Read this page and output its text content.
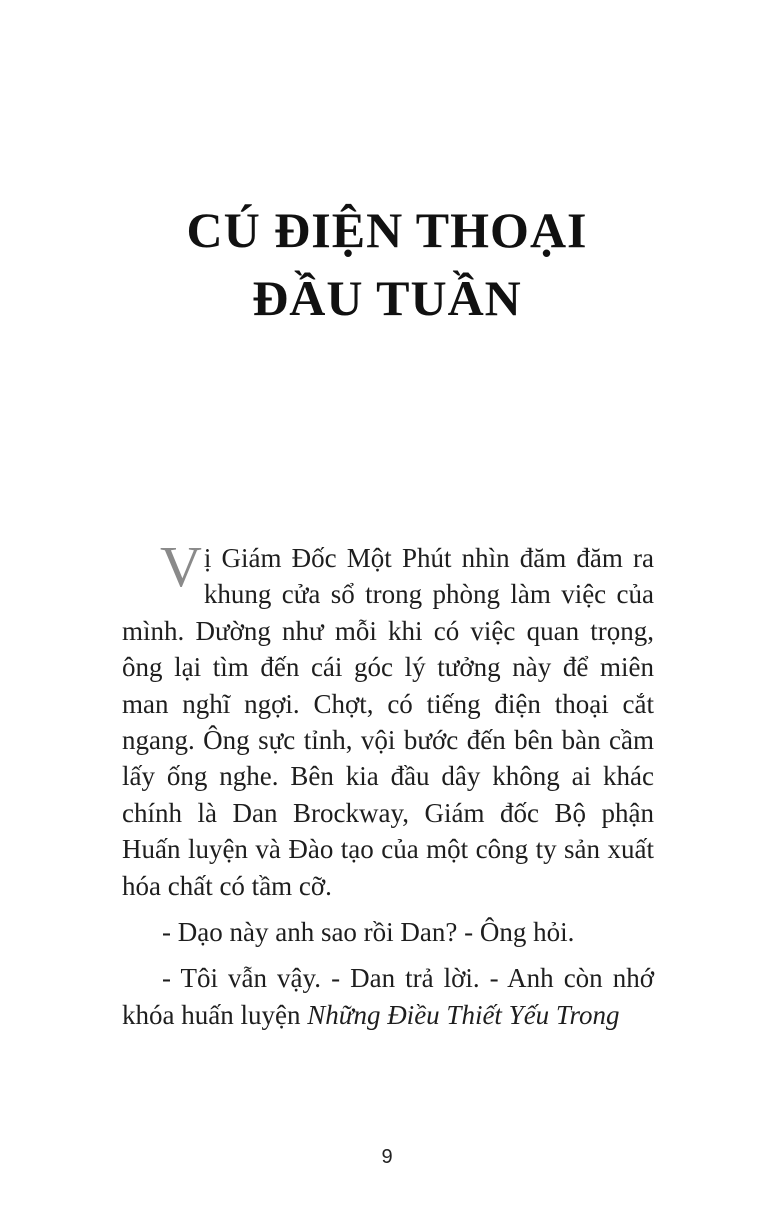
CÚ ĐIỆN THOẠI
ĐẦU TUẦN

Vị Giám Đốc Một Phút nhìn đăm đăm ra khung cửa sổ trong phòng làm việc của mình. Dường như mỗi khi có việc quan trọng, ông lại tìm đến cái góc lý tưởng này để miên man nghĩ ngợi. Chợt, có tiếng điện thoại cắt ngang. Ông sực tỉnh, vội bước đến bên bàn cầm lấy ống nghe. Bên kia đầu dây không ai khác chính là Dan Brockway, Giám đốc Bộ phận Huấn luyện và Đào tạo của một công ty sản xuất hóa chất có tầm cỡ.

- Dạo này anh sao rồi Dan? - Ông hỏi.

- Tôi vẫn vậy. - Dan trả lời. - Anh còn nhớ khóa huấn luyện Những Điều Thiết Yếu Trong

9
